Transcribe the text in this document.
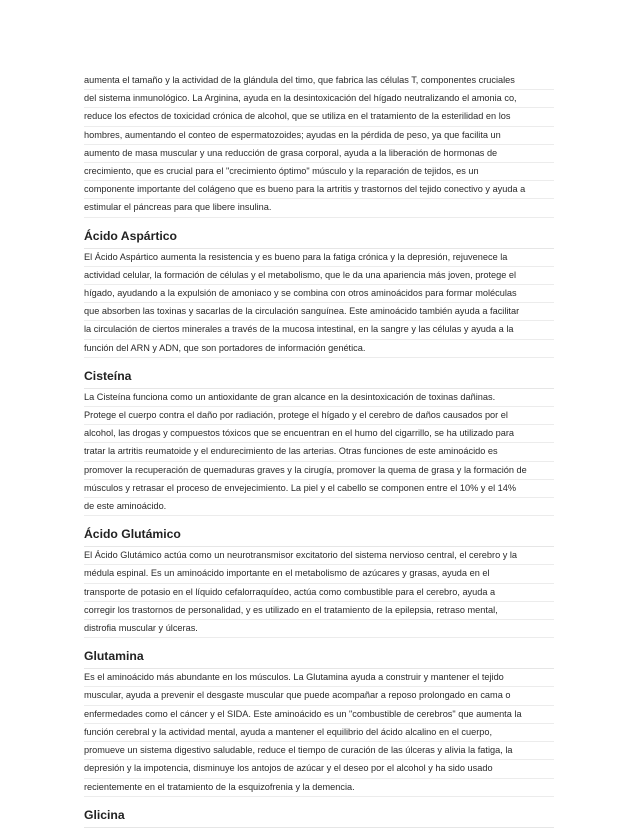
aumenta el tamaño y la actividad de la glándula del timo, que fabrica las células T, componentes cruciales
del sistema inmunológico. La Arginina, ayuda en la desintoxicación del hígado neutralizando el amonia co,
reduce los efectos de toxicidad crónica de alcohol, que se utiliza en el tratamiento de la esterilidad en los
hombres, aumentando el conteo de espermatozoides; ayudas en la pérdida de peso, ya que facilita un
aumento de masa muscular y una reducción de grasa corporal, ayuda a la liberación de hormonas de
crecimiento, que es crucial para el "crecimiento óptimo" músculo y la reparación de tejidos, es un
componente importante del colágeno que es bueno para la artritis y trastornos del tejido conectivo y ayuda a
estimular el páncreas para que libere insulina.
Ácido Aspártico
El Ácido Aspártico aumenta la resistencia y es bueno para la fatiga crónica y la depresión, rejuvenece la
actividad celular, la formación de células y el metabolismo, que le da una apariencia más joven, protege el
hígado, ayudando a la expulsión de amoniaco y se combina con otros aminoácidos para formar moléculas
que absorben las toxinas y sacarlas de la circulación sanguínea. Este aminoácido también ayuda a facilitar
la circulación de ciertos minerales a través de la mucosa intestinal, en la sangre y las células y ayuda a la
función del ARN y ADN, que son portadores de información genética.
Cisteína
La Cisteína funciona como un antioxidante de gran alcance en la desintoxicación de toxinas dañinas.
Protege el cuerpo contra el daño por radiación, protege el hígado y el cerebro de daños causados por el
alcohol, las drogas y compuestos tóxicos que se encuentran en el humo del cigarrillo, se ha utilizado para
tratar la artritis reumatoide y el endurecimiento de las arterias. Otras funciones de este aminoácido es
promover la recuperación de quemaduras graves y la cirugía, promover la quema de grasa y la formación de
músculos y retrasar el proceso de envejecimiento. La piel y el cabello se componen entre el 10% y el 14%
de este aminoácido.
Ácido Glutámico
El Ácido Glutámico actúa como un neurotransmisor excitatorio del sistema nervioso central, el cerebro y la
médula espinal. Es un aminoácido importante en el metabolismo de azúcares y grasas, ayuda en el
transporte de potasio en el líquido cefalorraquídeo, actúa como combustible para el cerebro, ayuda a
corregir los trastornos de personalidad, y es utilizado en el tratamiento de la epilepsia, retraso mental,
distrofia muscular y úlceras.
Glutamina
Es el aminoácido más abundante en los músculos. La Glutamina ayuda a construir y mantener el tejido
muscular, ayuda a prevenir el desgaste muscular que puede acompañar a reposo prolongado en cama o
enfermedades como el cáncer y el SIDA. Este aminoácido es un "combustible de cerebros" que aumenta la
función cerebral y la actividad mental, ayuda a mantener el equilibrio del ácido alcalino en el cuerpo,
promueve un sistema digestivo saludable, reduce el tiempo de curación de las úlceras y alivia la fatiga, la
depresión y la impotencia, disminuye los antojos de azúcar y el deseo por el alcohol y ha sido usado
recientemente en el tratamiento de la esquizofrenia y la demencia.
Glicina
